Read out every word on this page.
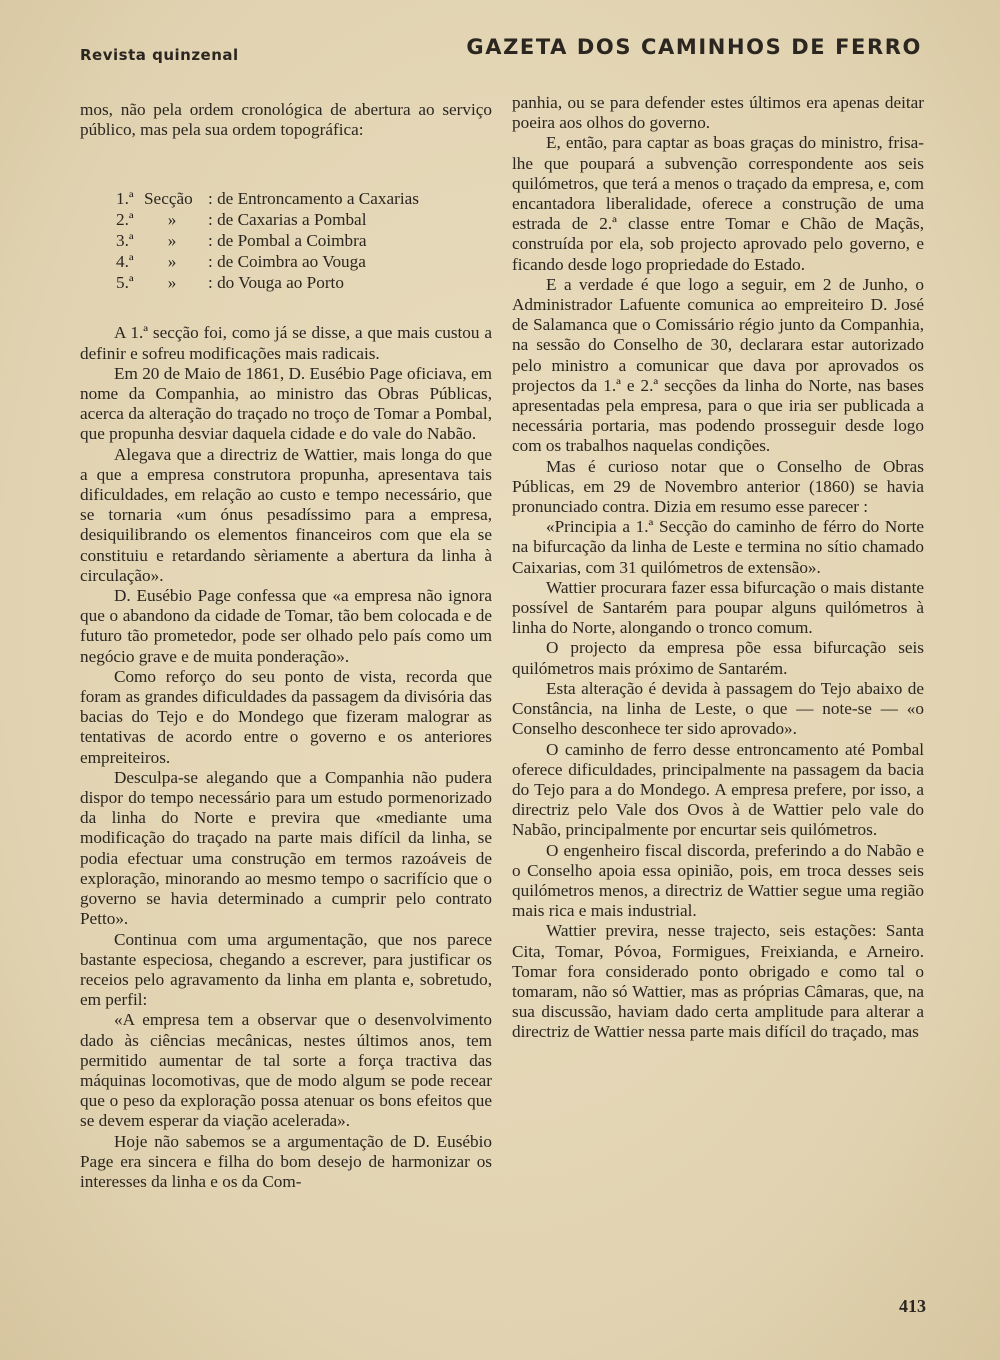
Revista quinzenal	GAZETA DOS CAMINHOS DE FERRO

mos, não pela ordem cronológica de abertura ao serviço público, mas pela sua ordem topográfica:

1.ª Secção : de Entroncamento a Caxarias
2.ª	»	: de Caxarias a Pombal
3.ª	»	: de Pombal a Coimbra
4.ª	»	: de Coimbra ao Vouga
5.ª	»	: do Vouga ao Porto

A 1.ª secção foi, como já se disse, a que mais custou a definir e sofreu modificações mais radicais.

Em 20 de Maio de 1861, D. Eusébio Page oficiava, em nome da Companhia, ao ministro das Obras Públicas, acerca da alteração do traçado no troço de Tomar a Pombal, que propunha desviar daquela cidade e do vale do Nabão.

Alegava que a directriz de Wattier, mais longa do que a que a empresa construtora propunha, apresentava tais dificuldades, em relação ao custo e tempo necessário, que se tornaria «um ónus pesadíssimo para a empresa, desiquilibrando os elementos financeiros com que ela se constituiu e retardando sèriamente a abertura da linha à circulação».

D. Eusébio Page confessa que «a empresa não ignora que o abandono da cidade de Tomar, tão bem colocada e de futuro tão prometedor, pode ser olhado pelo país como um negócio grave e de muita ponderação».

Como reforço do seu ponto de vista, recorda que foram as grandes dificuldades da passagem da divisória das bacias do Tejo e do Mondego que fizeram malograr as tentativas de acordo entre o governo e os anteriores empreiteiros.

Desculpa-se alegando que a Companhia não pudera dispor do tempo necessário para um estudo pormenorizado da linha do Norte e previra que «mediante uma modificação do traçado na parte mais difícil da linha, se podia efectuar uma construção em termos razoáveis de exploração, minorando ao mesmo tempo o sacrifício que o governo se havia determinado a cumprir pelo contrato Petto».

Continua com uma argumentação, que nos parece bastante especiosa, chegando a escrever, para justificar os receios pelo agravamento da linha em planta e, sobretudo, em perfil:

«A empresa tem a observar que o desenvolvimento dado às ciências mecânicas, nestes últimos anos, tem permitido aumentar de tal sorte a força tractiva das máquinas locomotivas, que de modo algum se pode recear que o peso da exploração possa atenuar os bons efeitos que se devem esperar da viação acelerada».

Hoje não sabemos se a argumentação de D. Eusébio Page era sincera e filha do bom desejo de harmonizar os interesses da linha e os da Com-

panhia, ou se para defender estes últimos era apenas deitar poeira aos olhos do governo.

E, então, para captar as boas graças do ministro, frisa-lhe que poupará a subvenção correspondente aos seis quilómetros, que terá a menos o traçado da empresa, e, com encantadora liberalidade, oferece a construção de uma estrada de 2.ª classe entre Tomar e Chão de Maçãs, construída por ela, sob projecto aprovado pelo governo, e ficando desde logo propriedade do Estado.

E a verdade é que logo a seguir, em 2 de Junho, o Administrador Lafuente comunica ao empreiteiro D. José de Salamanca que o Comissário régio junto da Companhia, na sessão do Conselho de 30, declarara estar autorizado pelo ministro a comunicar que dava por aprovados os projectos da 1.ª e 2.ª secções da linha do Norte, nas bases apresentadas pela empresa, para o que iria ser publicada a necessária portaria, mas podendo prosseguir desde logo com os trabalhos naquelas condições.

Mas é curioso notar que o Conselho de Obras Públicas, em 29 de Novembro anterior (1860) se havia pronunciado contra. Dizia em resumo esse parecer :

«Principia a 1.ª Secção do caminho de férro do Norte na bifurcação da linha de Leste e termina no sítio chamado Caixarias, com 31 quilómetros de extensão».

Wattier procurara fazer essa bifurcação o mais distante possível de Santarém para poupar alguns quilómetros à linha do Norte, alongando o tronco comum.

O projecto da empresa põe essa bifurcação seis quilómetros mais próximo de Santarém.

Esta alteração é devida à passagem do Tejo abaixo de Constância, na linha de Leste, o que — note-se — «o Conselho desconhece ter sido aprovado».

O caminho de ferro desse entroncamento até Pombal oferece dificuldades, principalmente na passagem da bacia do Tejo para a do Mondego. A empresa prefere, por isso, a directriz pelo Vale dos Ovos à de Wattier pelo vale do Nabão, principalmente por encurtar seis quilómetros.

O engenheiro fiscal discorda, preferindo a do Nabão e o Conselho apoia essa opinião, pois, em troca desses seis quilómetros menos, a directriz de Wattier segue uma região mais rica e mais industrial.

Wattier previra, nesse trajecto, seis estações: Santa Cita, Tomar, Póvoa, Formigues, Freixianda, e Arneiro. Tomar fora considerado ponto obrigado e como tal o tomaram, não só Wattier, mas as próprias Câmaras, que, na sua discussão, haviam dado certa amplitude para alterar a directriz de Wattier nessa parte mais difícil do traçado, mas

413
